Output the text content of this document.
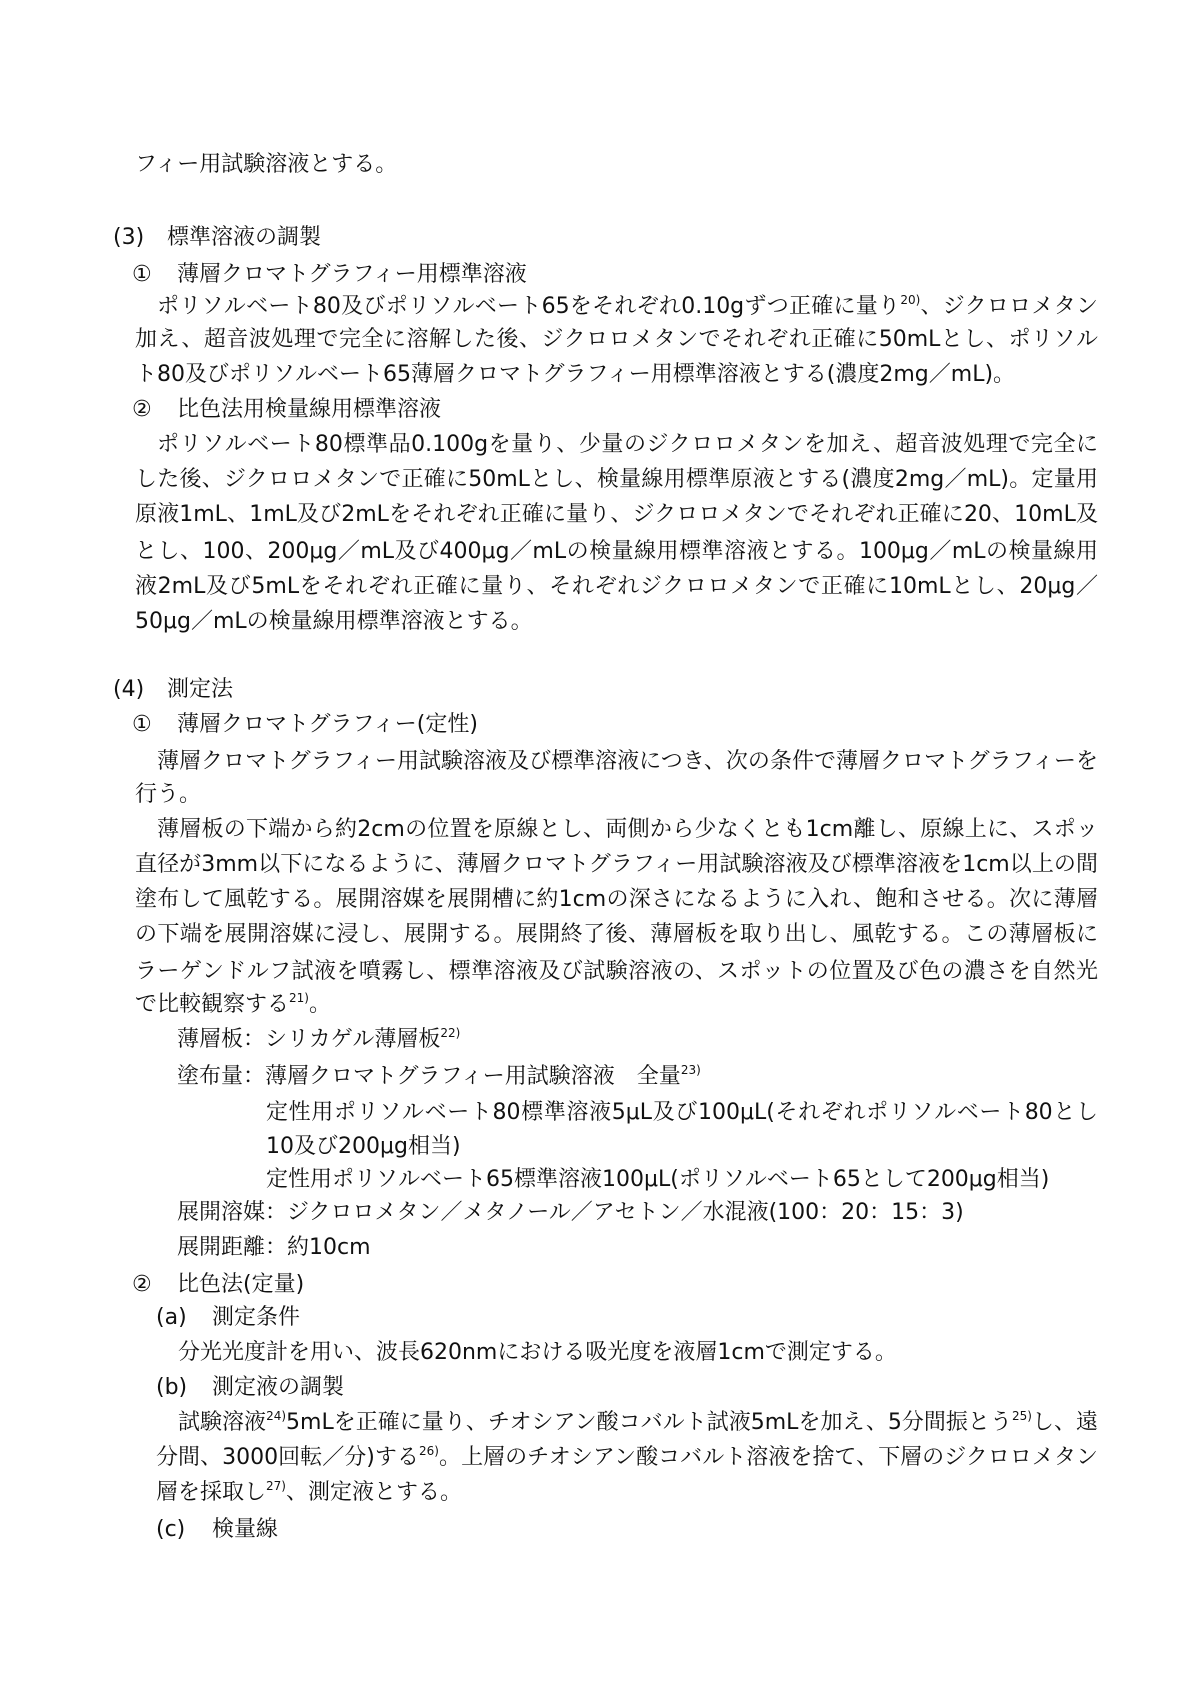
フィー用試験溶液とする。
(3) 標準溶液の調製
① 薄層クロマトグラフィー用標準溶液
ポリソルベート80及びポリソルベート65をそれぞれ0.10gずつ正確に量り$^{20)}$、ジクロロメタン
加え、超音波処理で完全に溶解した後、ジクロロメタンでそれぞれ正確に50mLとし、ポリソル
ト80及びポリソルベート65薄層クロマトグラフィー用標準溶液とする(濃度2mg／mL)。
② 比色法用検量線用標準溶液
ポリソルベート80標準品0.100gを量り、少量のジクロロメタンを加え、超音波処理で完全に
した後、ジクロロメタンで正確に50mLとし、検量線用標準原液とする(濃度2mg／mL)。定量用
原液1mL、1mL及び2mLをそれぞれ正確に量り、ジクロロメタンでそれぞれ正確に20、10mL及
とし、100、200μg／mL及び400μg／mLの検量線用標準溶液とする。100μg／mLの検量線用
液2mL及び5mLをそれぞれ正確に量り、それぞれジクロロメタンで正確に10mLとし、20μg／
50μg／mLの検量線用標準溶液とする。
(4) 測定法
① 薄層クロマトグラフィー(定性)
薄層クロマトグラフィー用試験溶液及び標準溶液につき、次の条件で薄層クロマトグラフィーを
行う。
薄層板の下端から約2cmの位置を原線とし、両側から少なくとも1cm離し、原線上に、スポッ
直径が3mm以下になるように、薄層クロマトグラフィー用試験溶液及び標準溶液を1cm以上の間
塗布して風乾する。展開溶媒を展開槽に約1cmの深さになるように入れ、飽和させる。次に薄層
の下端を展開溶媒に浸し、展開する。展開終了後、薄層板を取り出し、風乾する。この薄層板に
ラーゲンドルフ試液を噴霧し、標準溶液及び試験溶液の、スポットの位置及び色の濃さを自然光
で比較観察する$^{21)}$。
薄層板：シリカゲル薄層板$^{22)}$
塗布量：薄層クロマトグラフィー用試験溶液　全量$^{23)}$
定性用ポリソルベート80標準溶液5μL及び100μL(それぞれポリソルベート80とし
10及び200μg相当)
定性用ポリソルベート65標準溶液100μL(ポリソルベート65として200μg相当)
展開溶媒：ジクロロメタン／メタノール／アセトン／水混液(100：20：15：3)
展開距離：約10cm
② 比色法(定量)
(a) 測定条件
分光光度計を用い、波長620nmにおける吸光度を液層1cmで測定する。
(b) 測定液の調製
試験溶液$^{24)}$5mLを正確に量り、チオシアン酸コバルト試液5mLを加え、5分間振とう$^{25)}$し、遠
分間、3000回転／分)する$^{26)}$。上層のチオシアン酸コバルト溶液を捨て、下層のジクロロメタン
層を採取し$^{27)}$、測定液とする。
(c) 検量線
